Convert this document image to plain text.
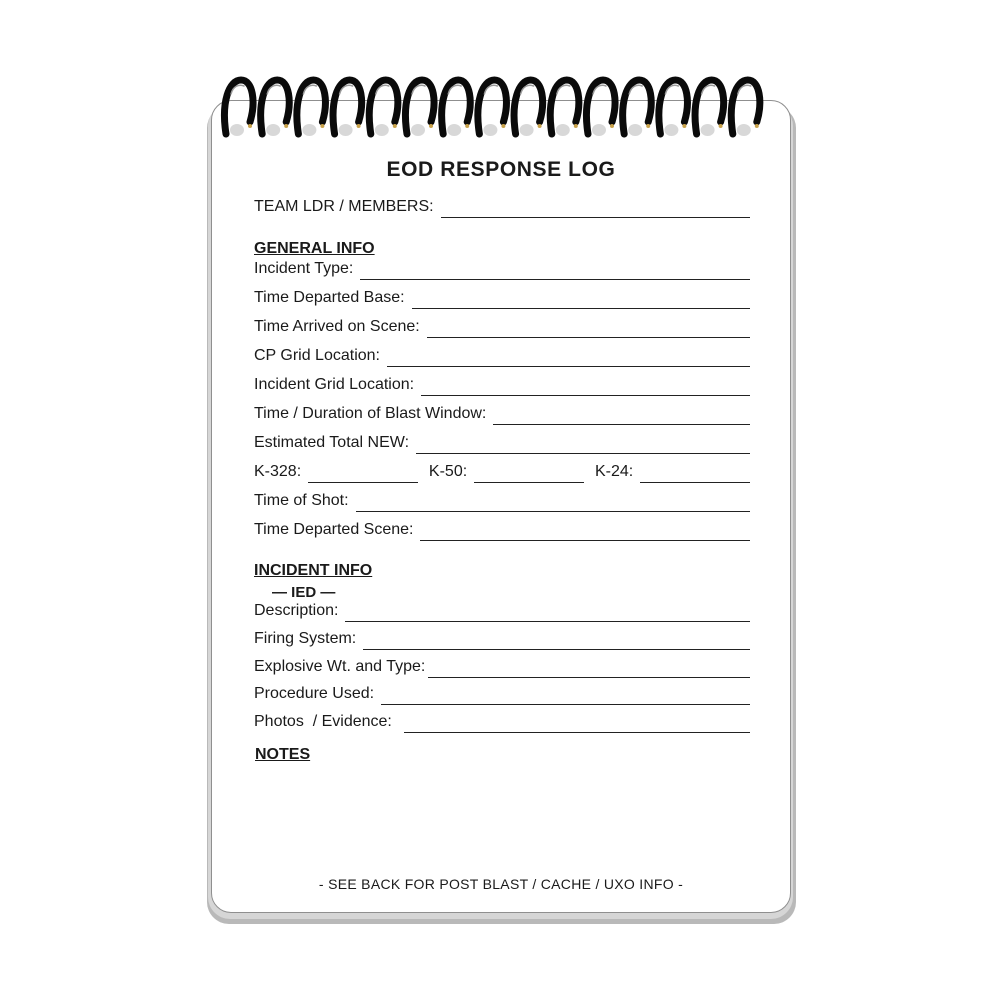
EOD RESPONSE LOG
TEAM LDR / MEMBERS:
GENERAL INFO
Incident Type:
Time Departed Base:
Time Arrived on Scene:
CP Grid Location:
Incident Grid Location:
Time / Duration of Blast Window:
Estimated Total NEW:
K-328:	K-50:	K-24:
Time of Shot:
Time Departed Scene:
INCIDENT INFO
— IED —
Description:
Firing System:
Explosive Wt. and Type:
Procedure Used:
Photos  / Evidence:
NOTES
- SEE BACK FOR POST BLAST / CACHE / UXO INFO -
